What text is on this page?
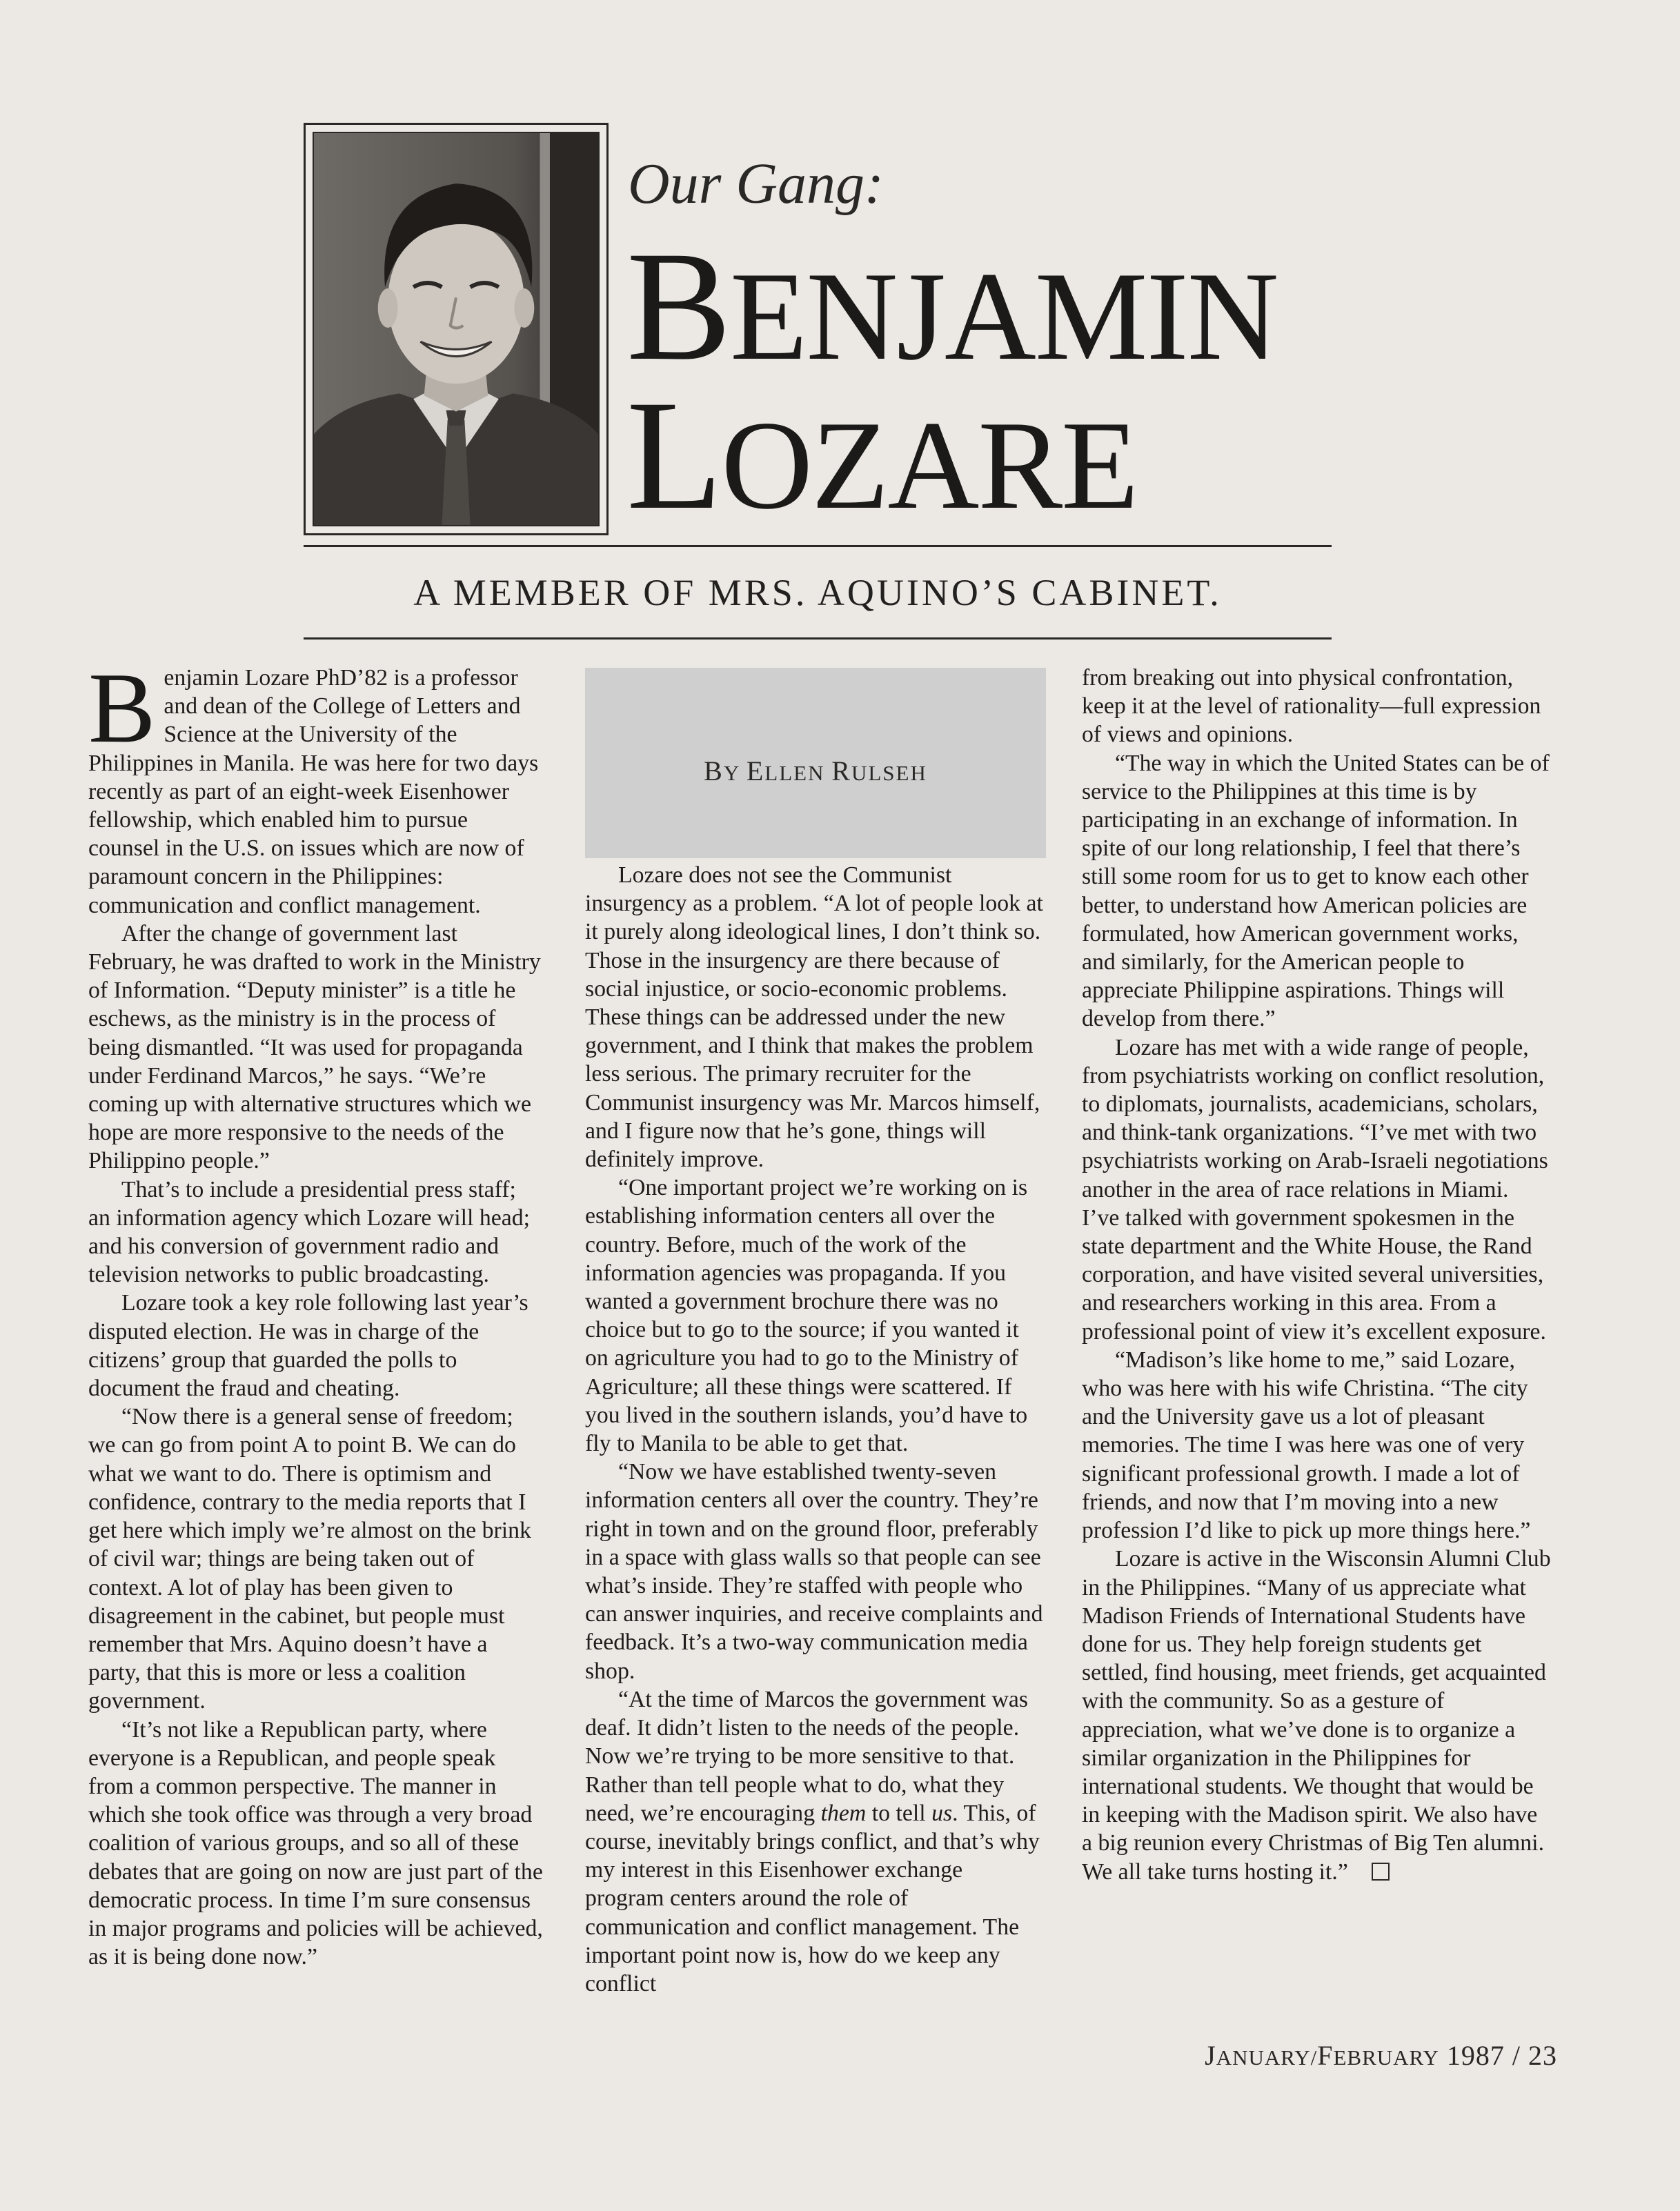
Our Gang:
BENJAMIN
LOZARE
A MEMBER OF MRS. AQUINO’S CABINET.
BY ELLEN RULSEH

Benjamin Lozare PhD’82 is a professor and dean of the College of Letters and Science at the University of the Philippines in Manila. He was here for two days recently as part of an eight-week Eisenhower fellowship, which enabled him to pursue counsel in the U.S. on issues which are now of paramount concern in the Philippines: communication and conflict management.

After the change of government last February, he was drafted to work in the Ministry of Information. “Deputy minister” is a title he eschews, as the ministry is in the process of being dismantled. “It was used for propaganda under Ferdinand Marcos,” he says. “We’re coming up with alternative structures which we hope are more responsive to the needs of the Philippino people.”

That’s to include a presidential press staff; an information agency which Lozare will head; and his conversion of government radio and television networks to public broadcasting.

Lozare took a key role following last year’s disputed election. He was in charge of the citizens’ group that guarded the polls to document the fraud and cheating.

“Now there is a general sense of freedom; we can go from point A to point B. We can do what we want to do. There is optimism and confidence, contrary to the media reports that I get here which imply we’re almost on the brink of civil war; things are being taken out of context. A lot of play has been given to disagreement in the cabinet, but people must remember that Mrs. Aquino doesn’t have a party, that this is more or less a coalition government.

“It’s not like a Republican party, where everyone is a Republican, and people speak from a common perspective. The manner in which she took office was through a very broad coalition of various groups, and so all of these debates that are going on now are just part of the democratic process. In time I’m sure consensus in major programs and policies will be achieved, as it is being done now.”

Lozare does not see the Communist insurgency as a problem. “A lot of people look at it purely along ideological lines, I don’t think so. Those in the insurgency are there because of social injustice, or socio-economic problems. These things can be addressed under the new government, and I think that makes the problem less serious. The primary recruiter for the Communist insurgency was Mr. Marcos himself, and I figure now that he’s gone, things will definitely improve.

“One important project we’re working on is establishing information centers all over the country. Before, much of the work of the information agencies was propaganda. If you wanted a government brochure there was no choice but to go to the source; if you wanted it on agriculture you had to go to the Ministry of Agriculture; all these things were scattered. If you lived in the southern islands, you’d have to fly to Manila to be able to get that.

“Now we have established twenty-seven information centers all over the country. They’re right in town and on the ground floor, preferably in a space with glass walls so that people can see what’s inside. They’re staffed with people who can answer inquiries, and receive complaints and feedback. It’s a two-way communication media shop.

“At the time of Marcos the government was deaf. It didn’t listen to the needs of the people. Now we’re trying to be more sensitive to that. Rather than tell people what to do, what they need, we’re encouraging them to tell us. This, of course, inevitably brings conflict, and that’s why my interest in this Eisenhower exchange program centers around the role of communication and conflict management. The important point now is, how do we keep any conflict

from breaking out into physical confrontation, keep it at the level of rationality—full expression of views and opinions.

“The way in which the United States can be of service to the Philippines at this time is by participating in an exchange of information. In spite of our long relationship, I feel that there’s still some room for us to get to know each other better, to understand how American policies are formulated, how American government works, and similarly, for the American people to appreciate Philippine aspirations. Things will develop from there.”

Lozare has met with a wide range of people, from psychiatrists working on conflict resolution, to diplomats, journalists, academicians, scholars, and think-tank organizations. “I’ve met with two psychiatrists working on Arab-Israeli negotiations another in the area of race relations in Miami. I’ve talked with government spokesmen in the state department and the White House, the Rand corporation, and have visited several universities, and researchers working in this area. From a professional point of view it’s excellent exposure.

“Madison’s like home to me,” said Lozare, who was here with his wife Christina. “The city and the University gave us a lot of pleasant memories. The time I was here was one of very significant professional growth. I made a lot of friends, and now that I’m moving into a new profession I’d like to pick up more things here.”

Lozare is active in the Wisconsin Alumni Club in the Philippines. “Many of us appreciate what Madison Friends of International Students have done for us. They help foreign students get settled, find housing, meet friends, get acquainted with the community. So as a gesture of appreciation, what we’ve done is to organize a similar organization in the Philippines for international students. We thought that would be in keeping with the Madison spirit. We also have a big reunion every Christmas of Big Ten alumni. We all take turns hosting it.”

JANUARY/FEBRUARY 1987 / 23
